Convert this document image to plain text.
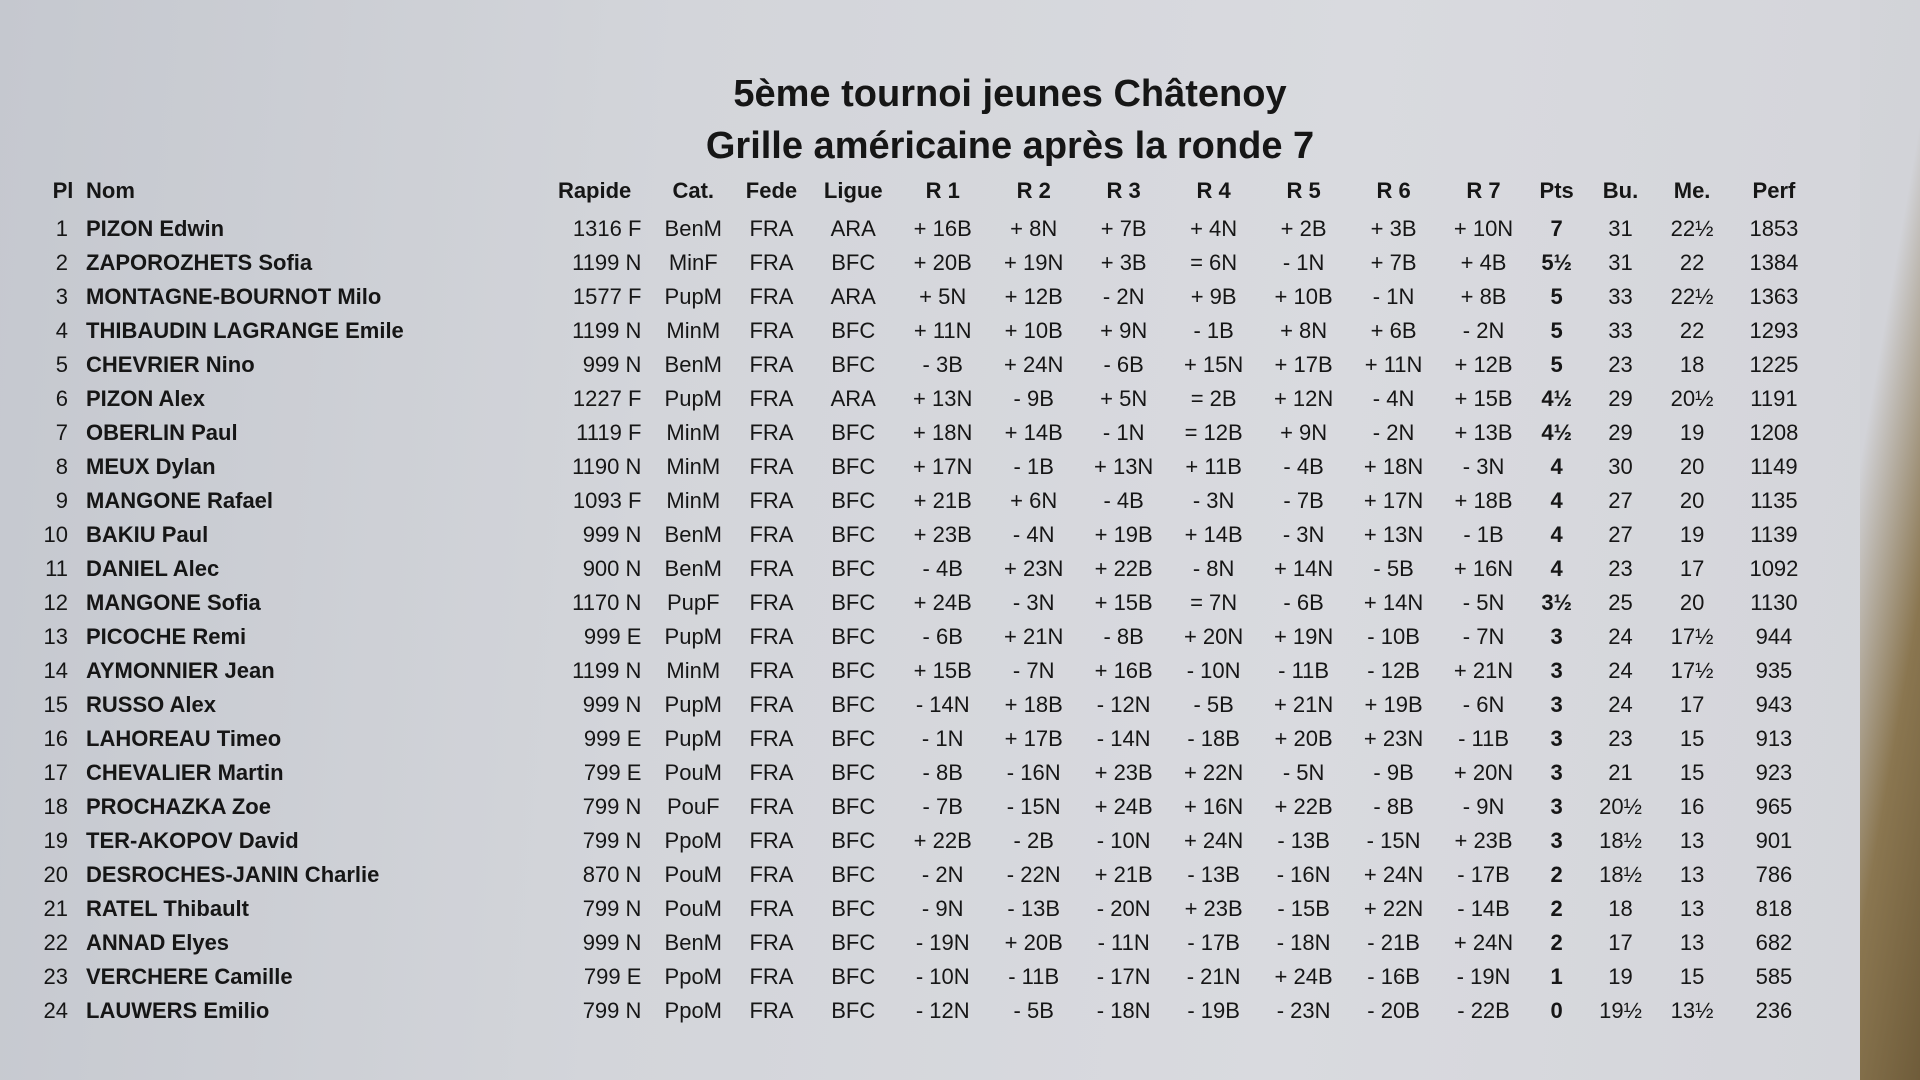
5ème tournoi jeunes Châtenoy
Grille américaine après la ronde 7
Pl	Nom	Rapide	Cat.	Fede	Ligue	R 1	R 2	R 3	R 4	R 5	R 6	R 7	Pts	Bu.	Me.	Perf
1	PIZON Edwin	1316 F	BenM	FRA	ARA	+ 16B	+ 8N	+ 7B	+ 4N	+ 2B	+ 3B	+ 10N	7	31	22½	1853
2	ZAPOROZHETS Sofia	1199 N	MinF	FRA	BFC	+ 20B	+ 19N	+ 3B	= 6N	- 1N	+ 7B	+ 4B	5½	31	22	1384
3	MONTAGNE-BOURNOT Milo	1577 F	PupM	FRA	ARA	+ 5N	+ 12B	- 2N	+ 9B	+ 10B	- 1N	+ 8B	5	33	22½	1363
4	THIBAUDIN LAGRANGE Emile	1199 N	MinM	FRA	BFC	+ 11N	+ 10B	+ 9N	- 1B	+ 8N	+ 6B	- 2N	5	33	22	1293
5	CHEVRIER Nino	999 N	BenM	FRA	BFC	- 3B	+ 24N	- 6B	+ 15N	+ 17B	+ 11N	+ 12B	5	23	18	1225
6	PIZON Alex	1227 F	PupM	FRA	ARA	+ 13N	- 9B	+ 5N	= 2B	+ 12N	- 4N	+ 15B	4½	29	20½	1191
7	OBERLIN Paul	1119 F	MinM	FRA	BFC	+ 18N	+ 14B	- 1N	= 12B	+ 9N	- 2N	+ 13B	4½	29	19	1208
8	MEUX Dylan	1190 N	MinM	FRA	BFC	+ 17N	- 1B	+ 13N	+ 11B	- 4B	+ 18N	- 3N	4	30	20	1149
9	MANGONE Rafael	1093 F	MinM	FRA	BFC	+ 21B	+ 6N	- 4B	- 3N	- 7B	+ 17N	+ 18B	4	27	20	1135
10	BAKIU Paul	999 N	BenM	FRA	BFC	+ 23B	- 4N	+ 19B	+ 14B	- 3N	+ 13N	- 1B	4	27	19	1139
11	DANIEL Alec	900 N	BenM	FRA	BFC	- 4B	+ 23N	+ 22B	- 8N	+ 14N	- 5B	+ 16N	4	23	17	1092
12	MANGONE Sofia	1170 N	PupF	FRA	BFC	+ 24B	- 3N	+ 15B	= 7N	- 6B	+ 14N	- 5N	3½	25	20	1130
13	PICOCHE Remi	999 E	PupM	FRA	BFC	- 6B	+ 21N	- 8B	+ 20N	+ 19N	- 10B	- 7N	3	24	17½	944
14	AYMONNIER Jean	1199 N	MinM	FRA	BFC	+ 15B	- 7N	+ 16B	- 10N	- 11B	- 12B	+ 21N	3	24	17½	935
15	RUSSO Alex	999 N	PupM	FRA	BFC	- 14N	+ 18B	- 12N	- 5B	+ 21N	+ 19B	- 6N	3	24	17	943
16	LAHOREAU Timeo	999 E	PupM	FRA	BFC	- 1N	+ 17B	- 14N	- 18B	+ 20B	+ 23N	- 11B	3	23	15	913
17	CHEVALIER Martin	799 E	PouM	FRA	BFC	- 8B	- 16N	+ 23B	+ 22N	- 5N	- 9B	+ 20N	3	21	15	923
18	PROCHAZKA Zoe	799 N	PouF	FRA	BFC	- 7B	- 15N	+ 24B	+ 16N	+ 22B	- 8B	- 9N	3	20½	16	965
19	TER-AKOPOV David	799 N	PpoM	FRA	BFC	+ 22B	- 2B	- 10N	+ 24N	- 13B	- 15N	+ 23B	3	18½	13	901
20	DESROCHES-JANIN Charlie	870 N	PouM	FRA	BFC	- 2N	- 22N	+ 21B	- 13B	- 16N	+ 24N	- 17B	2	18½	13	786
21	RATEL Thibault	799 N	PouM	FRA	BFC	- 9N	- 13B	- 20N	+ 23B	- 15B	+ 22N	- 14B	2	18	13	818
22	ANNAD Elyes	999 N	BenM	FRA	BFC	- 19N	+ 20B	- 11N	- 17B	- 18N	- 21B	+ 24N	2	17	13	682
23	VERCHERE Camille	799 E	PpoM	FRA	BFC	- 10N	- 11B	- 17N	- 21N	+ 24B	- 16B	- 19N	1	19	15	585
24	LAUWERS Emilio	799 N	PpoM	FRA	BFC	- 12N	- 5B	- 18N	- 19B	- 23N	- 20B	- 22B	0	19½	13½	236
